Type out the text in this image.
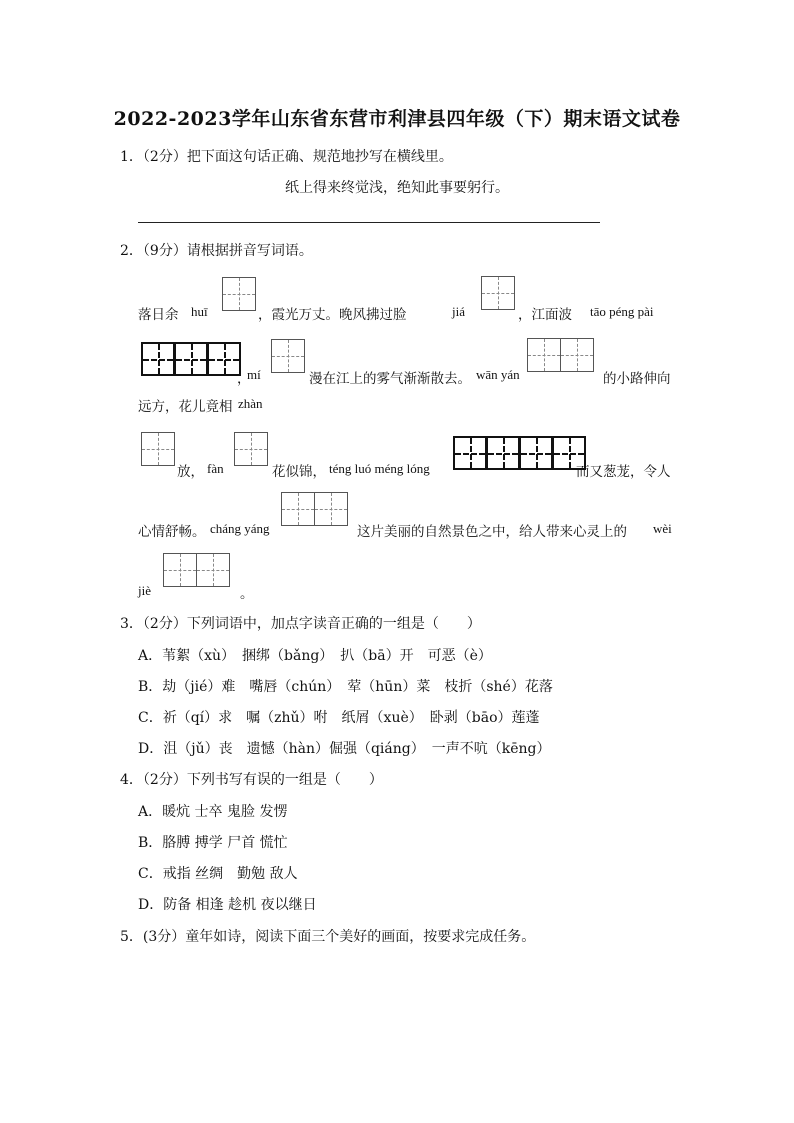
2022-2023学年山东省东营市利津县四年级（下）期末语文试卷
1．（2分）把下面这句话正确、规范地抄写在横线里。
纸上得来终觉浅，绝知此事要躬行。
2．（9分）请根据拼音写词语。
落日余 huī	，霞光万丈。晚风拂过脸	jiá	，江面波 tāo péng pài
，
mí	漫在江上的雾气渐渐散去。 wān yán	的小路伸向
远方，花儿竟相 zhàn
放， fàn	花似锦， téng luó méng lóng	而又葱茏，令人
心情舒畅。 cháng yáng	这片美丽的自然景色之中，给人带来心灵上的 wèi
jiè	。
3．（2分）下列词语中，加点字读音正确的一组是（　　）
A．苇絮（xù）　捆绑（bǎng）　扒（bā）开　可恶（è）
B．劫（jié）难　嘴唇（chún）　荤（hūn）菜　枝折（shé）花落
C．祈（qí）求　嘱（zhǔ）咐　纸屑（xuè）　卧剥（bāo）莲蓬
D．沮（jǔ）丧　遗憾（hàn）倔强（qiáng）　一声不吭（kēng）
4．（2分）下列书写有误的一组是（　　）
A．暖炕 士卒 鬼脸 发愣
B．胳膊 搏学 尸首 慌忙
C．戒指 丝绸　勤勉 敌人
D．防备 相逢 趁机 夜以继日
5．(3分）童年如诗，阅读下面三个美好的画面，按要求完成任务。
